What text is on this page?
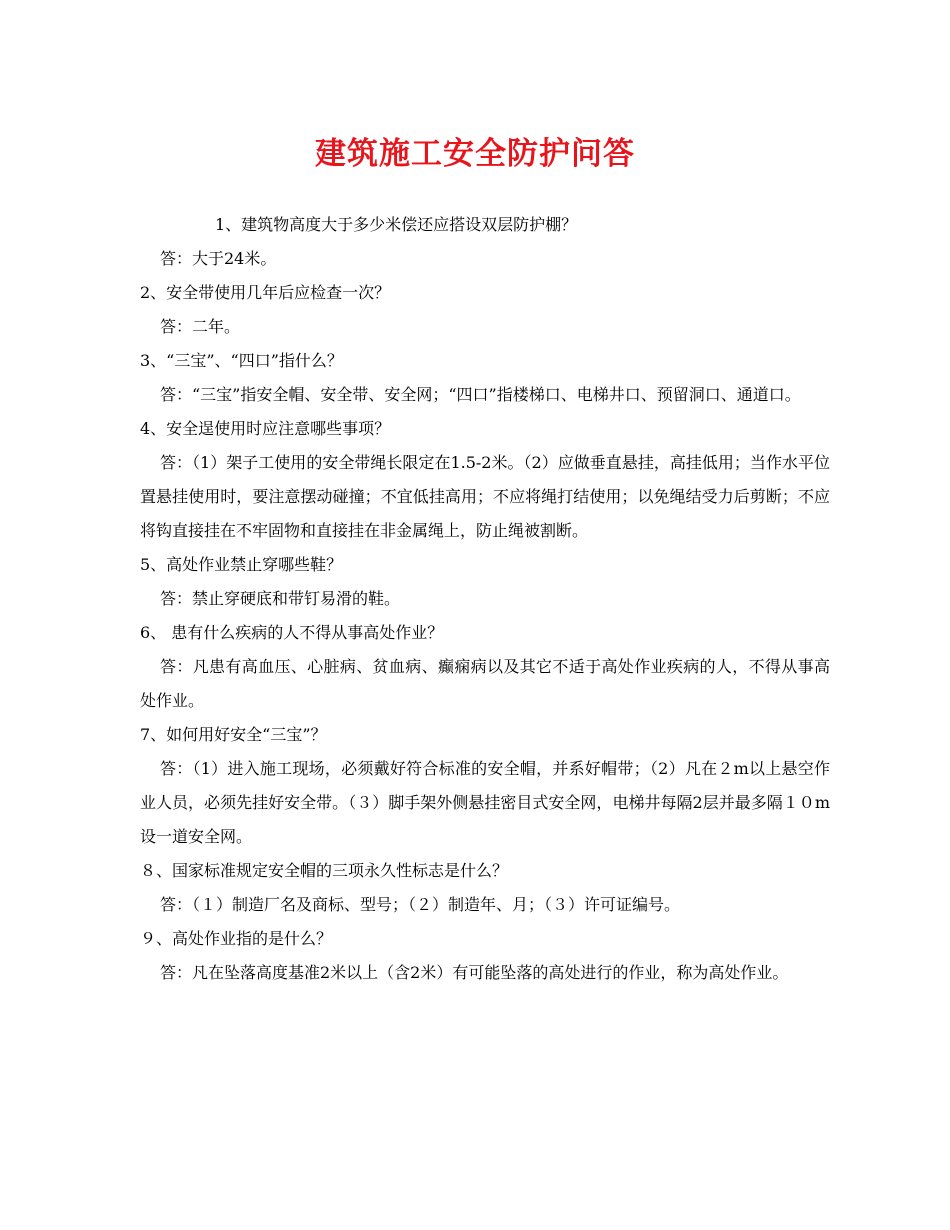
建筑施工安全防护问答

1、建筑物高度大于多少米偿还应搭设双层防护棚？

答：大于24米。

2、安全带使用几年后应检查一次？

答：二年。

3、“三宝”、“四口”指什么？

答：“三宝”指安全帽、安全带、安全网；“四口”指楼梯口、电梯井口、预留洞口、通道口。

4、安全逞使用时应注意哪些事项？

答：（1）架子工使用的安全带绳长限定在1.5-2米。（2）应做垂直悬挂，高挂低用；当作水平位置悬挂使用时，要注意摆动碰撞；不宜低挂高用；不应将绳打结使用；以免绳结受力后剪断；不应将钩直接挂在不牢固物和直接挂在非金属绳上，防止绳被割断。

5、高处作业禁止穿哪些鞋？

答：禁止穿硬底和带钉易滑的鞋。

6、 患有什么疾病的人不得从事高处作业？

答：凡患有高血压、心脏病、贫血病、癫痫病以及其它不适于高处作业疾病的人，不得从事高处作业。

7、如何用好安全“三宝”？

答：（1）进入施工现场，必须戴好符合标准的安全帽，并系好帽带；（2）凡在２m以上悬空作业人员，必须先挂好安全带。（３）脚手架外侧悬挂密目式安全网，电梯井每隔2层并最多隔１０m设一道安全网。

８、国家标准规定安全帽的三项永久性标志是什么？

答：（１）制造厂名及商标、型号；（２）制造年、月；（３）许可证编号。

９、高处作业指的是什么？

答：凡在坠落高度基准2米以上（含2米）有可能坠落的高处进行的作业，称为高处作业。
